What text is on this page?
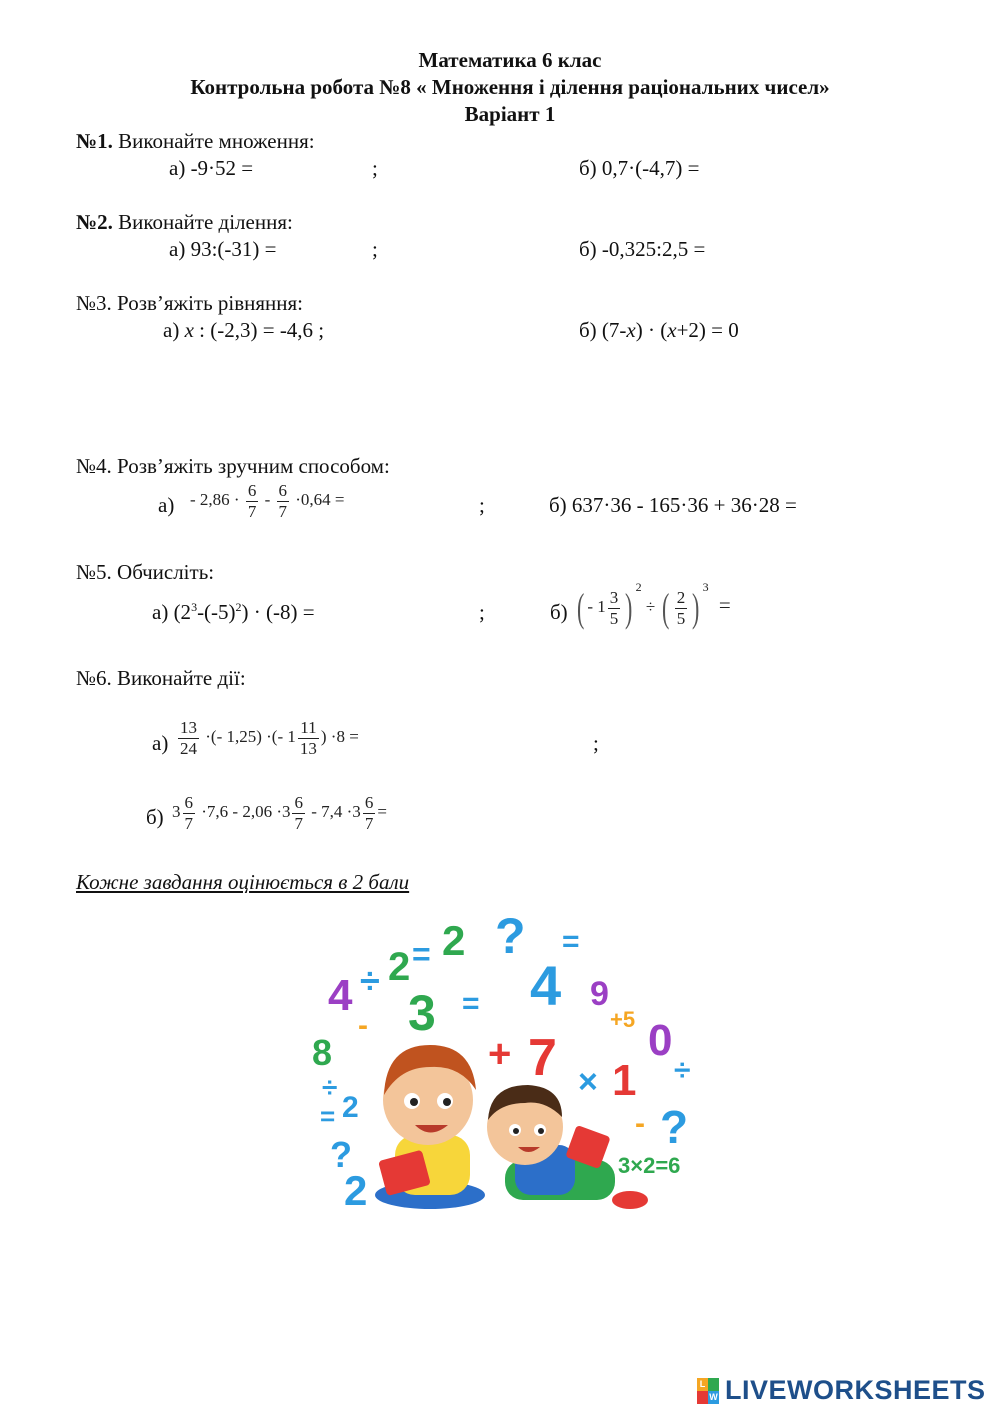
Математика 6 клас
Контрольна робота №8 « Множення і ділення раціональних чисел»
Варіант 1
№1. Виконайте множення:
а) -9·52 =	;	б) 0,7·(-4,7) =
№2. Виконайте ділення:
а) 93:(-31) =	;	б) -0,325:2,5 =
№3. Розв’яжіть рівняння:
а) x : (-2,3) = -4,6 ;	б) (7-x) · (x+2) = 0
№4. Розв’яжіть зручним способом:
$а) - 2,86 \cdot \frac{6}{7} - \frac{6}{7} \cdot 0,64$ =	;	б) 637·36 - 165·36 + 36·28 =
№5. Обчисліть:
а) $(2^3-(-5)^2) \cdot (-8)$ =	;	б) ( - $1 \frac{3}{5}$ ) $^2$ ÷ ( $\frac{2}{5}$ ) $^3$ =
№6. Виконайте дії:
$а) \frac{13}{24}$ ·(- 1,25) ·(- $1 \frac{11}{13}$ ) ·8 =	;
б) $3 \frac{6}{7} \cdot 7,6 - 2,06 \cdot 3 \frac{6}{7} - 7,4 \cdot 3 \frac{6}{7}$ =
Кожне завдання оцінюється в 2 бали
4 ÷ 2 = 2 ? =
3 = 4 9
+5 0
÷
8
-
÷
= 2
+ 7 × 1
?
?
-
3×2=6
2
L
W LIVEWORKSHEETS
